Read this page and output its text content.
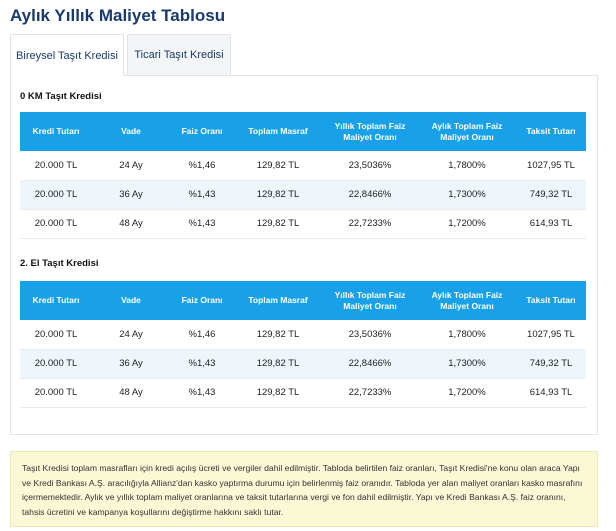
Aylık Yıllık Maliyet Tablosu
Bireysel Taşıt Kredisi	Ticari Taşıt Kredisi
0 KM Taşıt Kredisi
Kredi Tutarı	Vade	Faiz Oranı	Toplam Masraf	Yıllık Toplam Faiz Maliyet Oranı	Aylık Toplam Faiz Maliyet Oranı	Taksit Tutarı
20.000 TL	24 Ay	%1,46	129,82 TL	23,5036%	1,7800%	1027,95 TL
20.000 TL	36 Ay	%1,43	129,82 TL	22,8466%	1,7300%	749,32 TL
20.000 TL	48 Ay	%1,43	129,82 TL	22,7233%	1,7200%	614,93 TL
2. El Taşıt Kredisi
Kredi Tutarı	Vade	Faiz Oranı	Toplam Masraf	Yıllık Toplam Faiz Maliyet Oranı	Aylık Toplam Faiz Maliyet Oranı	Taksit Tutarı
20.000 TL	24 Ay	%1,46	129,82 TL	23,5036%	1,7800%	1027,95 TL
20.000 TL	36 Ay	%1,43	129,82 TL	22,8466%	1,7300%	749,32 TL
20.000 TL	48 Ay	%1,43	129,82 TL	22,7233%	1,7200%	614,93 TL
Taşıt Kredisi toplam masrafları için kredi açılış ücreti ve vergiler dahil edilmiştir. Tabloda belirtilen faiz oranları, Taşıt Kredisi'ne konu olan araca Yapı ve Kredi Bankası A.Ş. aracılığıyla Allianz'dan kasko yaptırma durumu için belirlenmiş faiz oranıdır. Tabloda yer alan maliyet oranları kasko masrafını içermemektedir. Aylık ve yıllık toplam maliyet oranlarına ve taksit tutarlarına vergi ve fon dahil edilmiştir. Yapı ve Kredi Bankası A.Ş. faiz oranını, tahsis ücretini ve kampanya koşullarını değiştirme hakkını saklı tutar.
